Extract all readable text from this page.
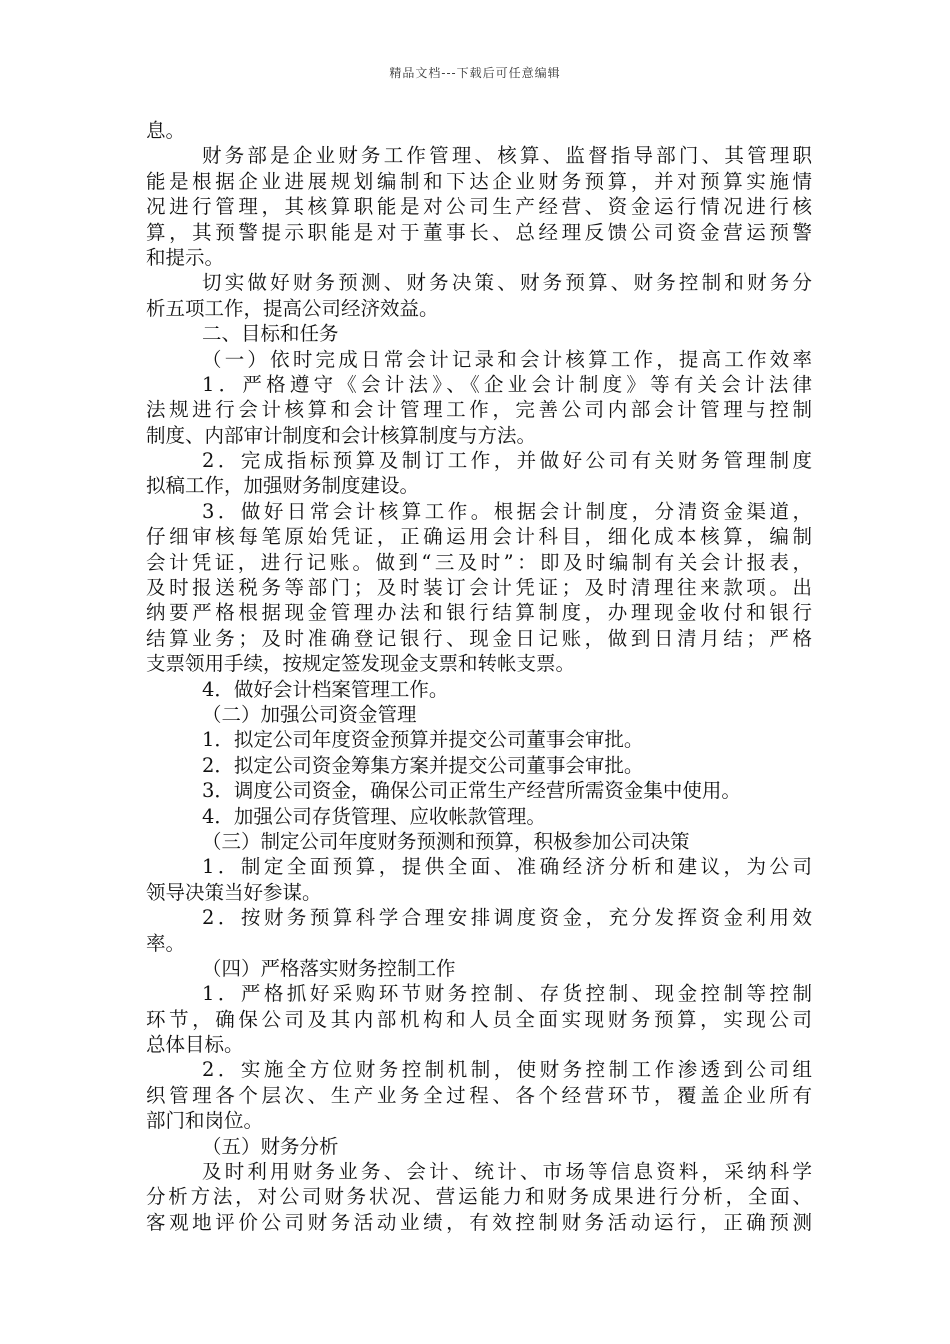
精品文档---下载后可任意编辑
息。
财务部是企业财务工作管理、核算、监督指导部门、其管理职
能是根据企业进展规划编制和下达企业财务预算，并对预算实施情
况进行管理，其核算职能是对公司生产经营、资金运行情况进行核
算，其预警提示职能是对于董事长、总经理反馈公司资金营运预警
和提示。
切实做好财务预测、财务决策、财务预算、财务控制和财务分
析五项工作，提高公司经济效益。
二、目标和任务
（一）依时完成日常会计记录和会计核算工作，提高工作效率
1．严格遵守《会计法》、《企业会计制度》等有关会计法律
法规进行会计核算和会计管理工作，完善公司内部会计管理与控制
制度、内部审计制度和会计核算制度与方法。
2．完成指标预算及制订工作，并做好公司有关财务管理制度
拟稿工作，加强财务制度建设。
3．做好日常会计核算工作。根据会计制度，分清资金渠道，
仔细审核每笔原始凭证，正确运用会计科目，细化成本核算，编制
会计凭证，进行记账。做到“三及时”：即及时编制有关会计报表，
及时报送税务等部门；及时装订会计凭证；及时清理往来款项。出
纳要严格根据现金管理办法和银行结算制度，办理现金收付和银行
结算业务；及时准确登记银行、现金日记账，做到日清月结；严格
支票领用手续，按规定签发现金支票和转帐支票。
4．做好会计档案管理工作。
（二）加强公司资金管理
1．拟定公司年度资金预算并提交公司董事会审批。
2．拟定公司资金筹集方案并提交公司董事会审批。
3．调度公司资金，确保公司正常生产经营所需资金集中使用。
4．加强公司存货管理、应收帐款管理。
（三）制定公司年度财务预测和预算，积极参加公司决策
1．制定全面预算，提供全面、准确经济分析和建议，为公司
领导决策当好参谋。
2．按财务预算科学合理安排调度资金，充分发挥资金利用效
率。
（四）严格落实财务控制工作
1．严格抓好采购环节财务控制、存货控制、现金控制等控制
环节，确保公司及其内部机构和人员全面实现财务预算，实现公司
总体目标。
2．实施全方位财务控制机制，使财务控制工作渗透到公司组
织管理各个层次、生产业务全过程、各个经营环节，覆盖企业所有
部门和岗位。
（五）财务分析
及时利用财务业务、会计、统计、市场等信息资料，采纳科学
分析方法，对公司财务状况、营运能力和财务成果进行分析，全面、
客观地评价公司财务活动业绩，有效控制财务活动运行，正确预测
